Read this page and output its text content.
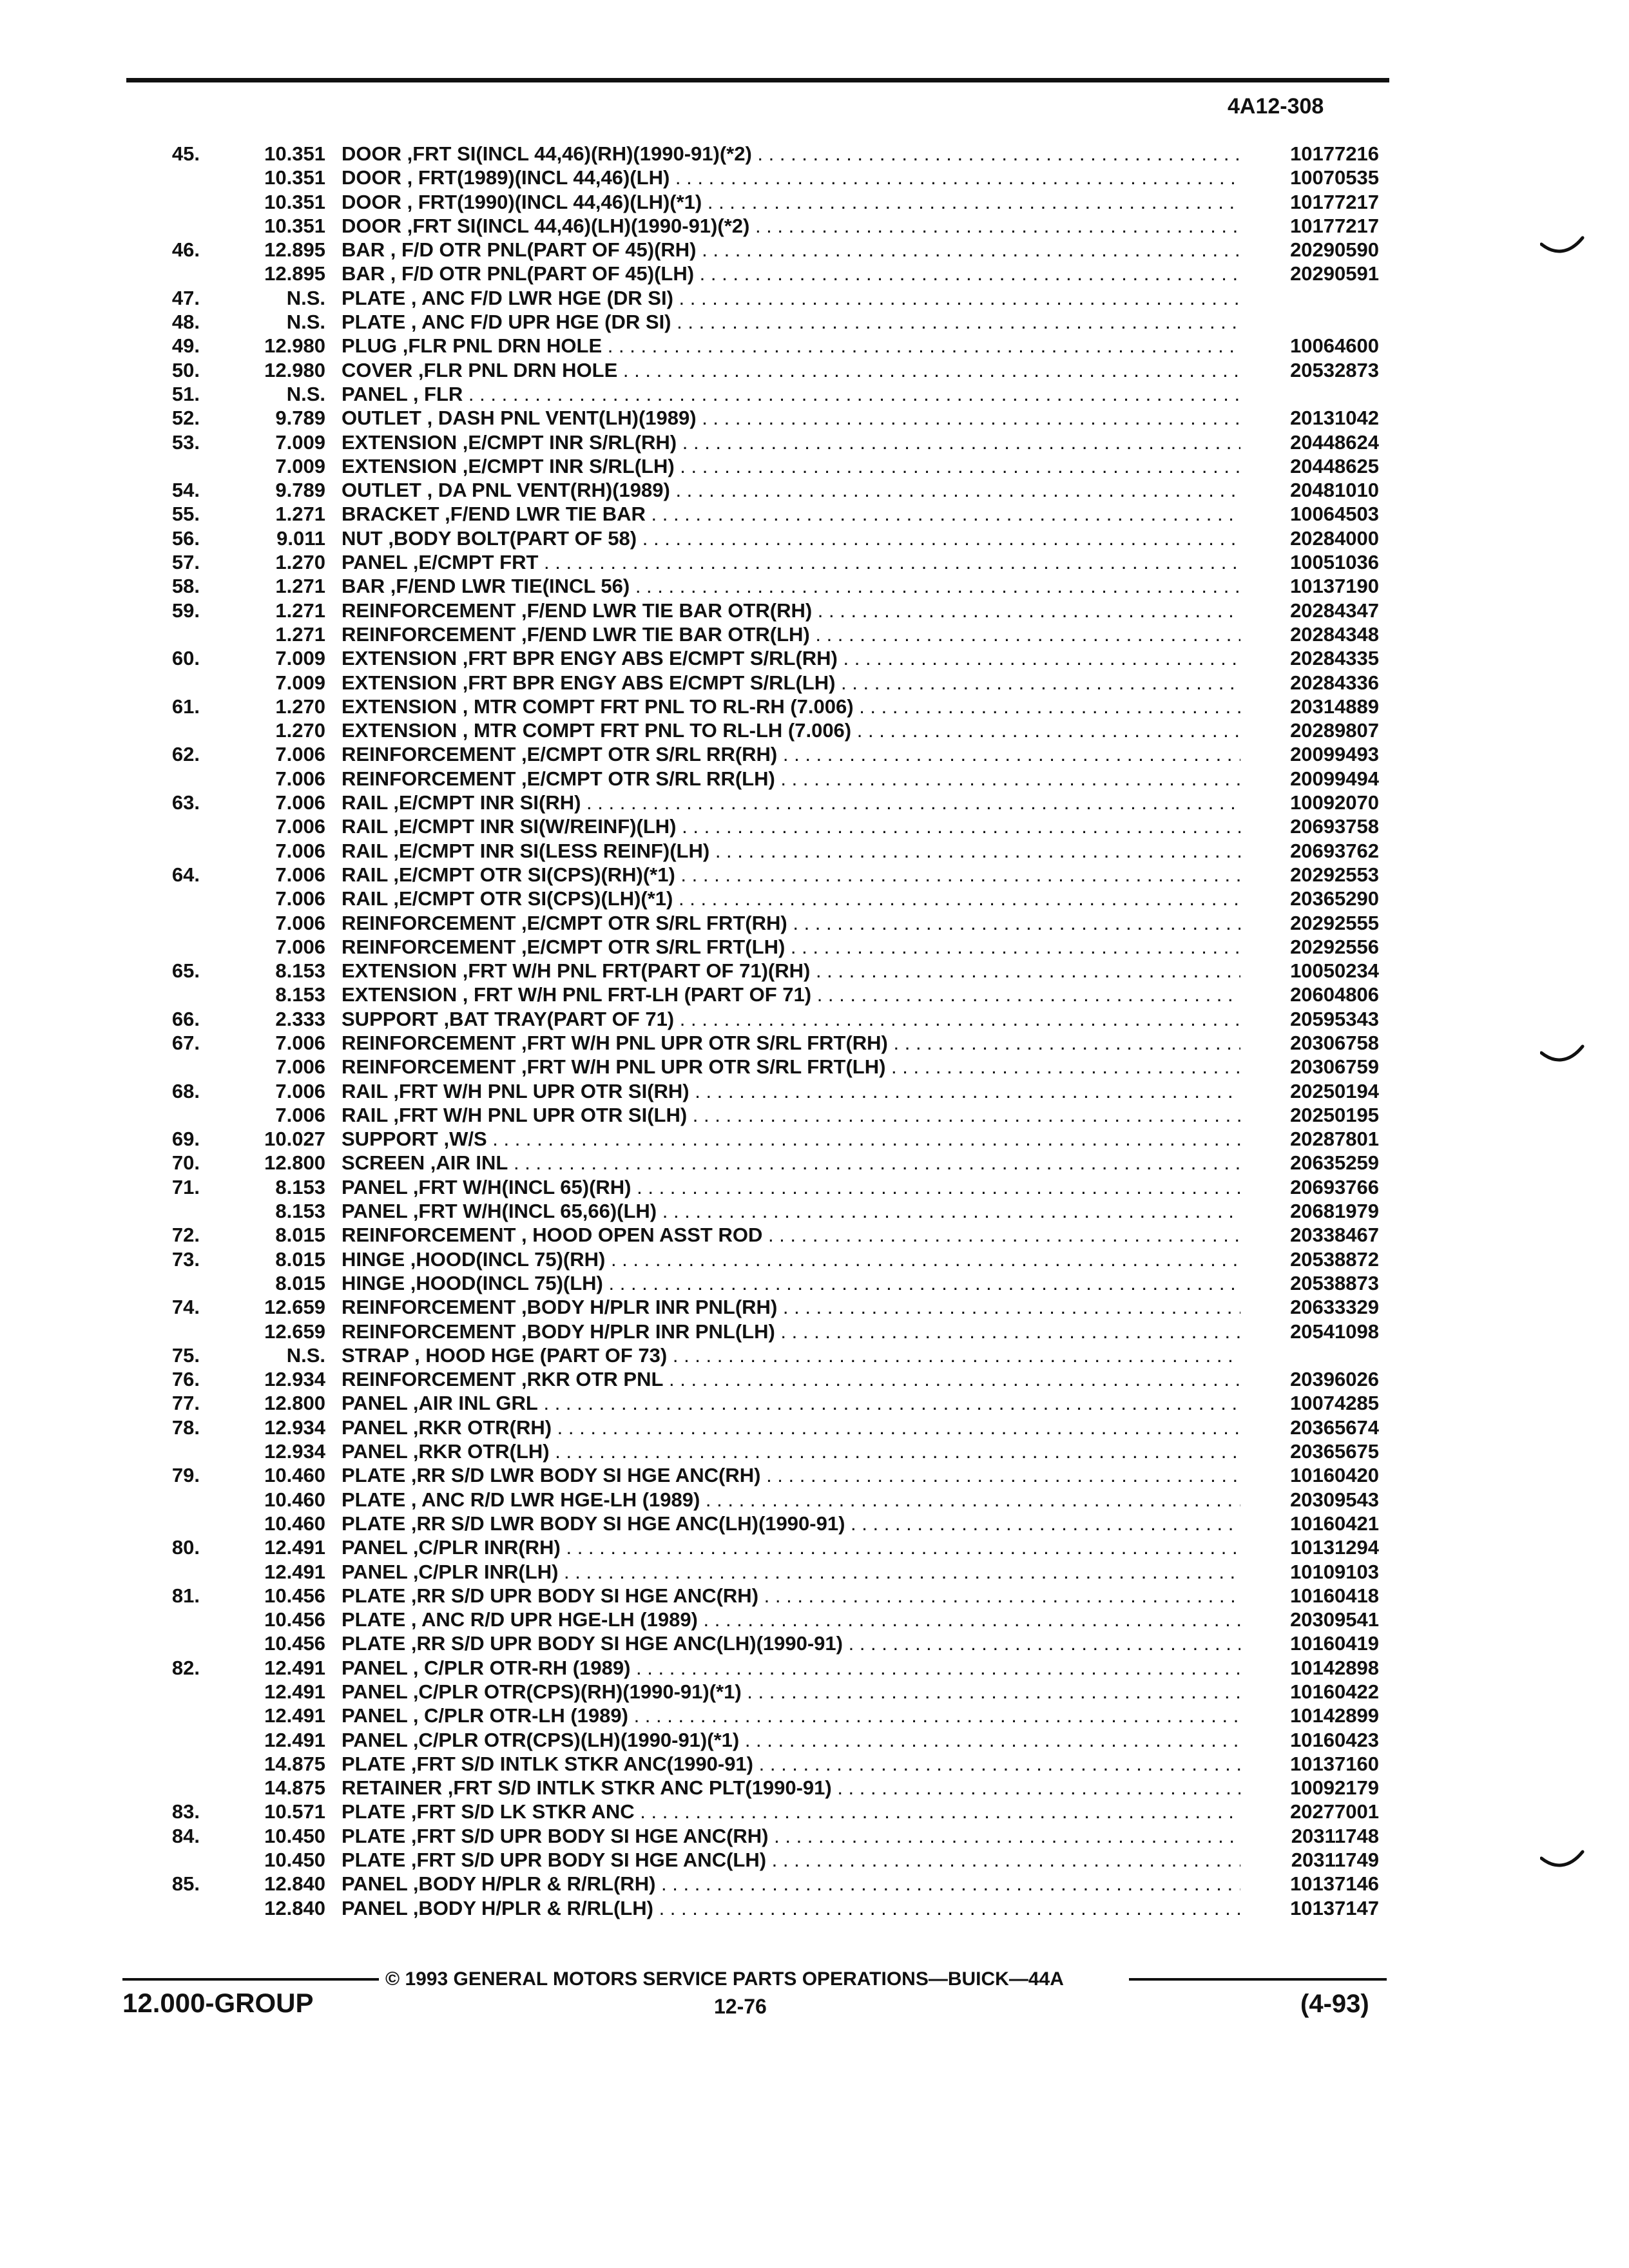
4A12-308
45.	10.351 DOOR ,FRT SI(INCL 44,46)(RH)(1990-91)(*2) . . .	10177216
10.351 DOOR , FRT(1989)(INCL 44,46)(LH) . . .	10070535
10.351 DOOR , FRT(1990)(INCL 44,46)(LH)(*1) . . .	10177217
10.351 DOOR ,FRT SI(INCL 44,46)(LH)(1990-91)(*2) . . .	10177217
46.	12.895 BAR , F/D OTR PNL(PART OF 45)(RH) . . .	20290590
12.895 BAR , F/D OTR PNL(PART OF 45)(LH) . . .	20290591
47.	N.S. PLATE , ANC F/D LWR HGE (DR SI) . . .
48.	N.S. PLATE , ANC F/D UPR HGE (DR SI) . . .
49.	12.980 PLUG ,FLR PNL DRN HOLE . . .	10064600
50.	12.980 COVER ,FLR PNL DRN HOLE . . .	20532873
51.	N.S. PANEL , FLR . . .
52.	9.789 OUTLET , DASH PNL VENT(LH)(1989) . . .	20131042
53.	7.009 EXTENSION ,E/CMPT INR S/RL(RH) . . .	20448624
7.009 EXTENSION ,E/CMPT INR S/RL(LH) . . .	20448625
54.	9.789 OUTLET , DA PNL VENT(RH)(1989) . . .	20481010
55.	1.271 BRACKET ,F/END LWR TIE BAR . . .	10064503
56.	9.011 NUT ,BODY BOLT(PART OF 58) . . .	20284000
57.	1.270 PANEL ,E/CMPT FRT . . .	10051036
58.	1.271 BAR ,F/END LWR TIE(INCL 56) . . .	10137190
59.	1.271 REINFORCEMENT ,F/END LWR TIE BAR OTR(RH) . . .	20284347
1.271 REINFORCEMENT ,F/END LWR TIE BAR OTR(LH) . . .	20284348
60.	7.009 EXTENSION ,FRT BPR ENGY ABS E/CMPT S/RL(RH) . . .	20284335
7.009 EXTENSION ,FRT BPR ENGY ABS E/CMPT S/RL(LH) . . .	20284336
61.	1.270 EXTENSION , MTR COMPT FRT PNL TO RL-RH (7.006) . . .	20314889
1.270 EXTENSION , MTR COMPT FRT PNL TO RL-LH (7.006) . . .	20289807
62.	7.006 REINFORCEMENT ,E/CMPT OTR S/RL RR(RH) . . .	20099493
7.006 REINFORCEMENT ,E/CMPT OTR S/RL RR(LH) . . .	20099494
63.	7.006 RAIL ,E/CMPT INR SI(RH) . . .	10092070
7.006 RAIL ,E/CMPT INR SI(W/REINF)(LH) . . .	20693758
7.006 RAIL ,E/CMPT INR SI(LESS REINF)(LH) . . .	20693762
64.	7.006 RAIL ,E/CMPT OTR SI(CPS)(RH)(*1) . . .	20292553
7.006 RAIL ,E/CMPT OTR SI(CPS)(LH)(*1) . . .	20365290
7.006 REINFORCEMENT ,E/CMPT OTR S/RL FRT(RH) . . .	20292555
7.006 REINFORCEMENT ,E/CMPT OTR S/RL FRT(LH) . . .	20292556
65.	8.153 EXTENSION ,FRT W/H PNL FRT(PART OF 71)(RH) . . .	10050234
8.153 EXTENSION , FRT W/H PNL FRT-LH (PART OF 71) . . .	20604806
66.	2.333 SUPPORT ,BAT TRAY(PART OF 71) . . .	20595343
67.	7.006 REINFORCEMENT ,FRT W/H PNL UPR OTR S/RL FRT(RH) . . .	20306758
7.006 REINFORCEMENT ,FRT W/H PNL UPR OTR S/RL FRT(LH) . . .	20306759
68.	7.006 RAIL ,FRT W/H PNL UPR OTR SI(RH) . . .	20250194
7.006 RAIL ,FRT W/H PNL UPR OTR SI(LH) . . .	20250195
69.	10.027 SUPPORT ,W/S . . .	20287801
70.	12.800 SCREEN ,AIR INL . . .	20635259
71.	8.153 PANEL ,FRT W/H(INCL 65)(RH) . . .	20693766
8.153 PANEL ,FRT W/H(INCL 65,66)(LH) . . .	20681979
72.	8.015 REINFORCEMENT , HOOD OPEN ASST ROD . . .	20338467
73.	8.015 HINGE ,HOOD(INCL 75)(RH) . . .	20538872
8.015 HINGE ,HOOD(INCL 75)(LH) . . .	20538873
74.	12.659 REINFORCEMENT ,BODY H/PLR INR PNL(RH) . . .	20633329
12.659 REINFORCEMENT ,BODY H/PLR INR PNL(LH) . . .	20541098
75.	N.S. STRAP , HOOD HGE (PART OF 73) . . .
76.	12.934 REINFORCEMENT ,RKR OTR PNL . . .	20396026
77.	12.800 PANEL ,AIR INL GRL . . .	10074285
78.	12.934 PANEL ,RKR OTR(RH) . . .	20365674
12.934 PANEL ,RKR OTR(LH) . . .	20365675
79.	10.460 PLATE ,RR S/D LWR BODY SI HGE ANC(RH) . . .	10160420
10.460 PLATE , ANC R/D LWR HGE-LH (1989) . . .	20309543
10.460 PLATE ,RR S/D LWR BODY SI HGE ANC(LH)(1990-91) . . .	10160421
80.	12.491 PANEL ,C/PLR INR(RH) . . .	10131294
12.491 PANEL ,C/PLR INR(LH) . . .	10109103
81.	10.456 PLATE ,RR S/D UPR BODY SI HGE ANC(RH) . . .	10160418
10.456 PLATE , ANC R/D UPR HGE-LH (1989) . . .	20309541
10.456 PLATE ,RR S/D UPR BODY SI HGE ANC(LH)(1990-91) . . .	10160419
82.	12.491 PANEL , C/PLR OTR-RH (1989) . . .	10142898
12.491 PANEL ,C/PLR OTR(CPS)(RH)(1990-91)(*1) . . .	10160422
12.491 PANEL , C/PLR OTR-LH (1989) . . .	10142899
12.491 PANEL ,C/PLR OTR(CPS)(LH)(1990-91)(*1) . . .	10160423
14.875 PLATE ,FRT S/D INTLK STKR ANC(1990-91) . . .	10137160
14.875 RETAINER ,FRT S/D INTLK STKR ANC PLT(1990-91) . . .	10092179
83.	10.571 PLATE ,FRT S/D LK STKR ANC . . .	20277001
84.	10.450 PLATE ,FRT S/D UPR BODY SI HGE ANC(RH) . . .	20311748
10.450 PLATE ,FRT S/D UPR BODY SI HGE ANC(LH) . . .	20311749
85.	12.840 PANEL ,BODY H/PLR & R/RL(RH) . . .	10137146
12.840 PANEL ,BODY H/PLR & R/RL(LH) . . .	10137147
© 1993 GENERAL MOTORS SERVICE PARTS OPERATIONS—BUICK—44A
12.000-GROUP	12-76	(4-93)
